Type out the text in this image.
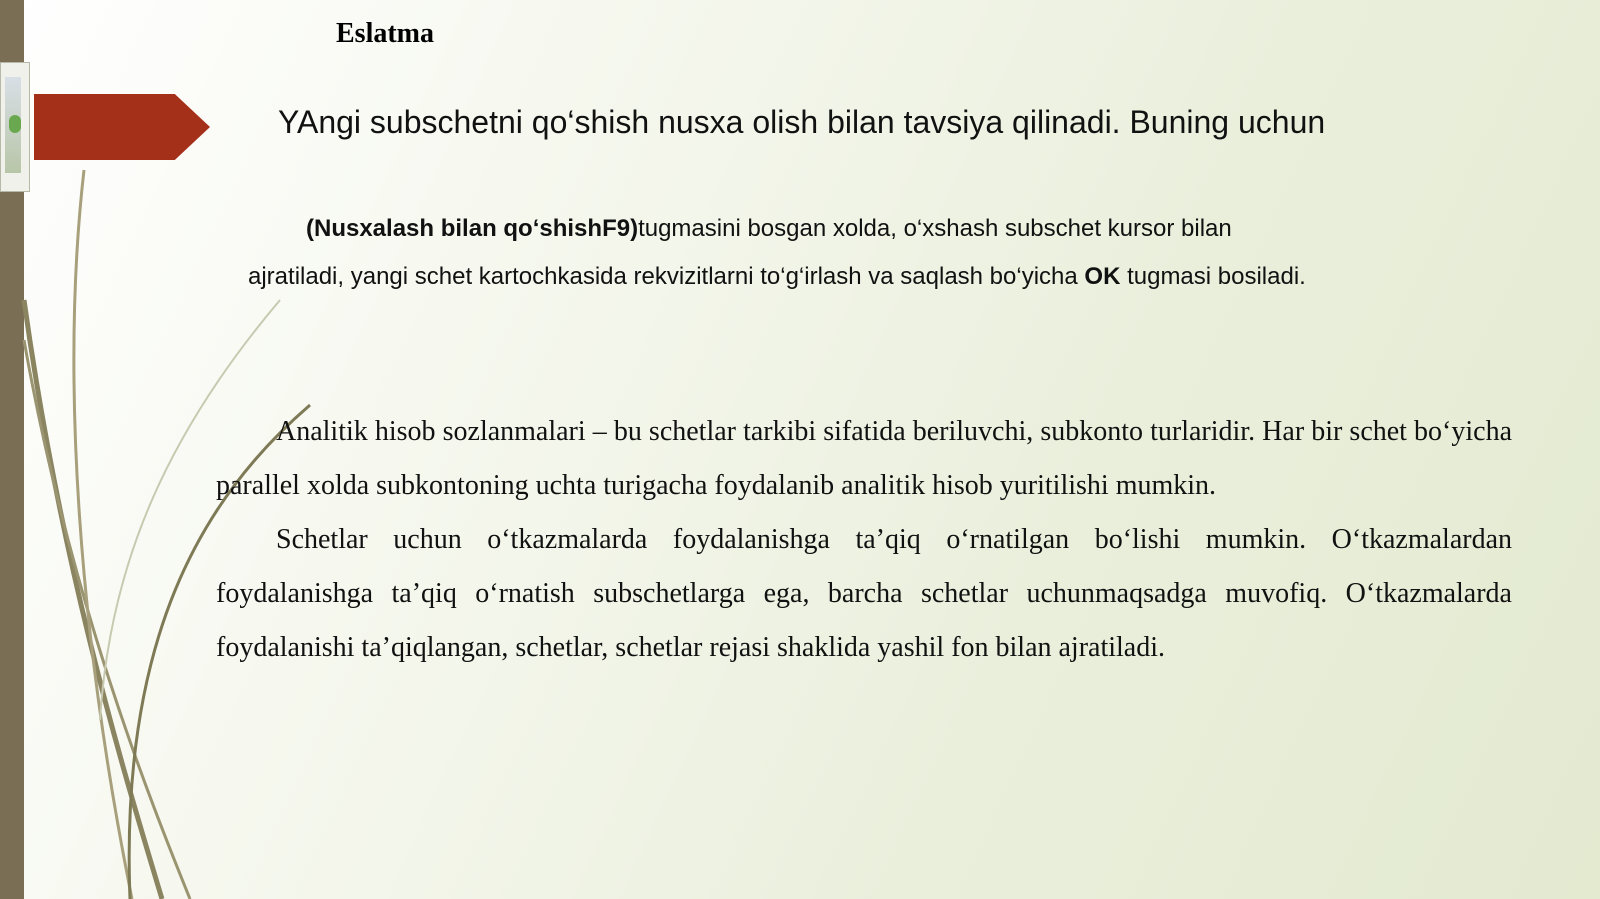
Eslatma

YAngi subschetni qo‘shish nusxa olish bilan tavsiya qilinadi. Buning uchun

(Nusxalash bilan qo‘shishF9)tugmasini bosgan xolda, o‘xshash subschet kursor bilan ajratiladi, yangi schet kartochkasida rekvizitlarni to‘g‘irlash va saqlash bo‘yicha OK tugmasi bosiladi.

Analitik hisob sozlanmalari – bu schetlar tarkibi sifatida beriluvchi, subkonto turlaridir. Har bir schet bo‘yicha parallel xolda subkontoning uchta turigacha foydalanib analitik hisob yuritilishi mumkin.

Schetlar uchun o‘tkazmalarda foydalanishga ta’qiq o‘rnatilgan bo‘lishi mumkin. O‘tkazmalardan foydalanishga ta’qiq o‘rnatish subschetlarga ega, barcha schetlar uchunmaqsadga muvofiq. O‘tkazmalarda foydalanishi ta’qiqlangan, schetlar, schetlar rejasi shaklida yashil fon bilan ajratiladi.
